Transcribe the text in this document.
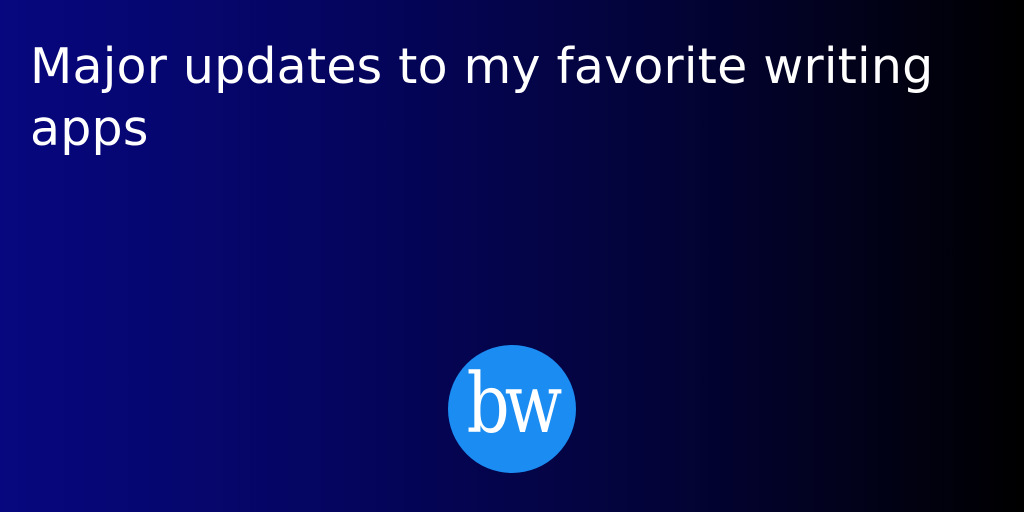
Major updates to my favorite writing apps
bw
